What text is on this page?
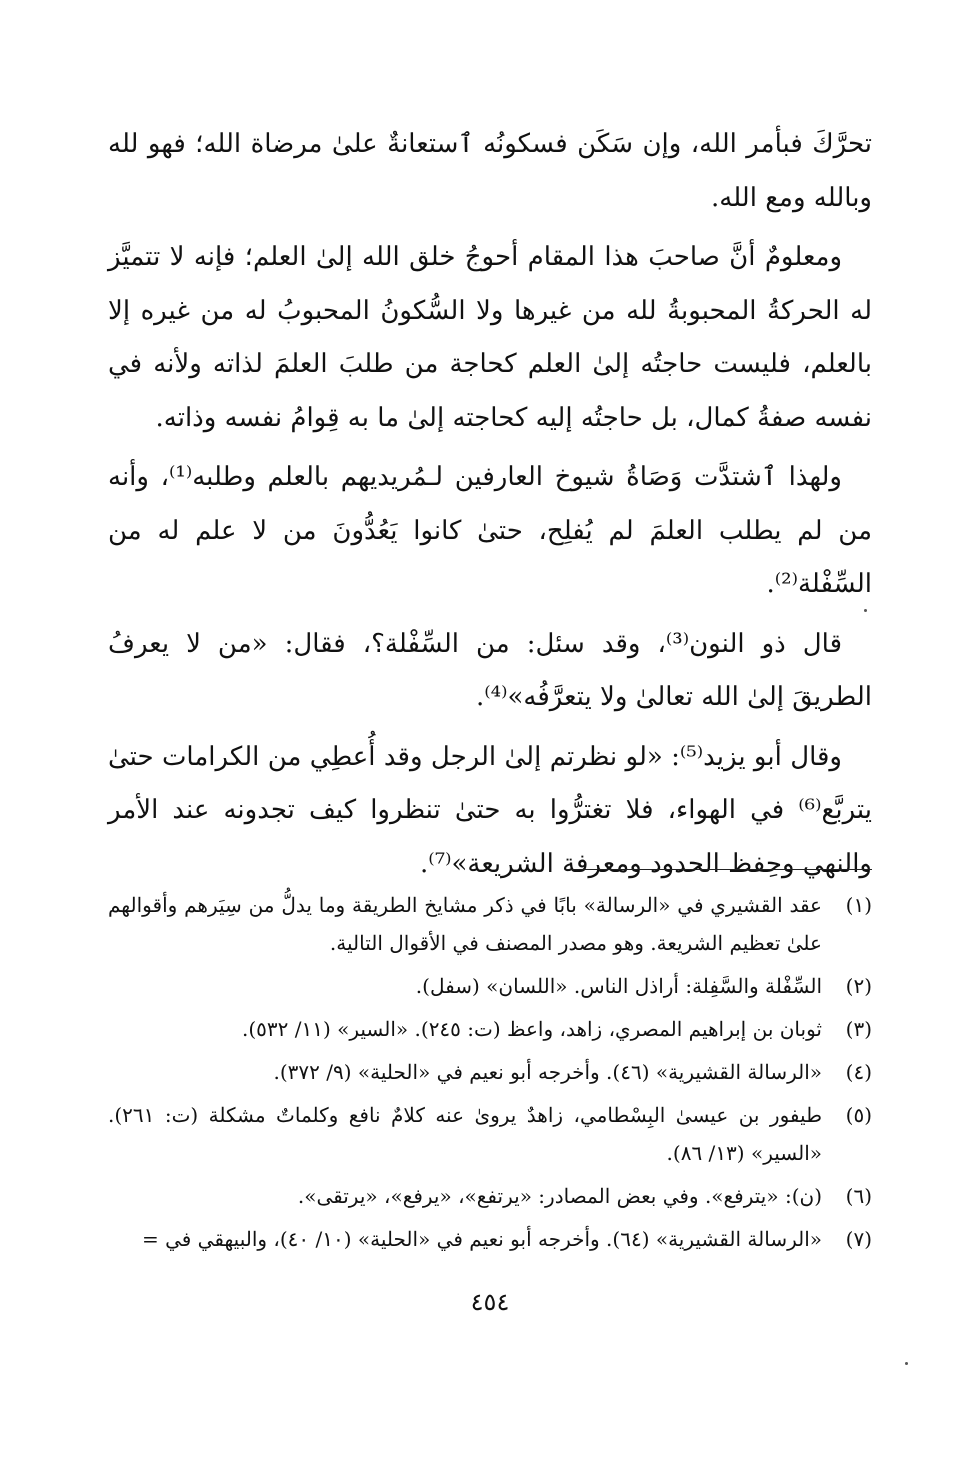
تحرَّكَ فبأمر الله، وإن سَكَن فسكونُه ٱستعانةٌ علىٰ مرضاة الله؛ فهو لله وبالله ومع الله.

ومعلومٌ أنَّ صاحبَ هذا المقام أحوجُ خلق الله إلىٰ العلم؛ فإنه لا تتميَّز له الحركةُ المحبوبةُ لله من غيرها ولا السُّكونُ المحبوبُ له من غيره إلا بالعلم، فليست حاجتُه إلىٰ العلم كحاجة من طلبَ العلمَ لذاته ولأنه في نفسه صفةُ كمال، بل حاجتُه إليه كحاجته إلىٰ ما به قِوامُ نفسه وذاته.

ولهذا ٱشتدَّت وَصَاةُ شيوخ العارفين لـمُريديهم بالعلم وطلبه⁽¹⁾، وأنه من لم يطلب العلمَ لم يُفلِح، حتىٰ كانوا يَعُدُّونَ من لا علم له من السِّفْلة⁽²⁾.

قال ذو النون⁽³⁾، وقد سئل: من السِّفْلة؟، فقال: «من لا يعرفُ الطريقَ إلىٰ الله تعالىٰ ولا يتعرَّفُه»⁽⁴⁾.

وقال أبو يزيد⁽⁵⁾: «لو نظرتم إلىٰ الرجل وقد أُعطِي من الكرامات حتىٰ يتربَّع⁽⁶⁾ في الهواء، فلا تغترُّوا به حتىٰ تنظروا كيف تجدونه عند الأمر والنهي وحِفظ الحدود ومعرفة الشريعة»⁽⁷⁾.

(١)
عقد القشيري في «الرسالة» بابًا في ذكر مشايخ الطريقة وما يدلُّ من سِيَرهم وأقوالهم علىٰ تعظيم الشريعة. وهو مصدر المصنف في الأقوال التالية.
(٢)
السِّفْلة والسَّفِلة: أراذل الناس. «اللسان» (سفل).
(٣)
ثوبان بن إبراهيم المصري، زاهد، واعظ (ت: ٢٤٥). «السير» (١١/ ٥٣٢).
(٤)
«الرسالة القشيرية» (٤٦). وأخرجه أبو نعيم في «الحلية» (٩/ ٣٧٢).
(٥)
طيفور بن عيسىٰ البِسْطامي، زاهدٌ يروىٰ عنه كلامٌ نافع وكلماتٌ مشكلة (ت: ٢٦١). «السير» (١٣/ ٨٦).
(٦)
(ن): «يترفع». وفي بعض المصادر: «يرتفع»، «يرفع»، «يرتقى».
(٧)
«الرسالة القشيرية» (٦٤). وأخرجه أبو نعيم في «الحلية» (١٠/ ٤٠)، والبيهقي في =
٤٥٤
